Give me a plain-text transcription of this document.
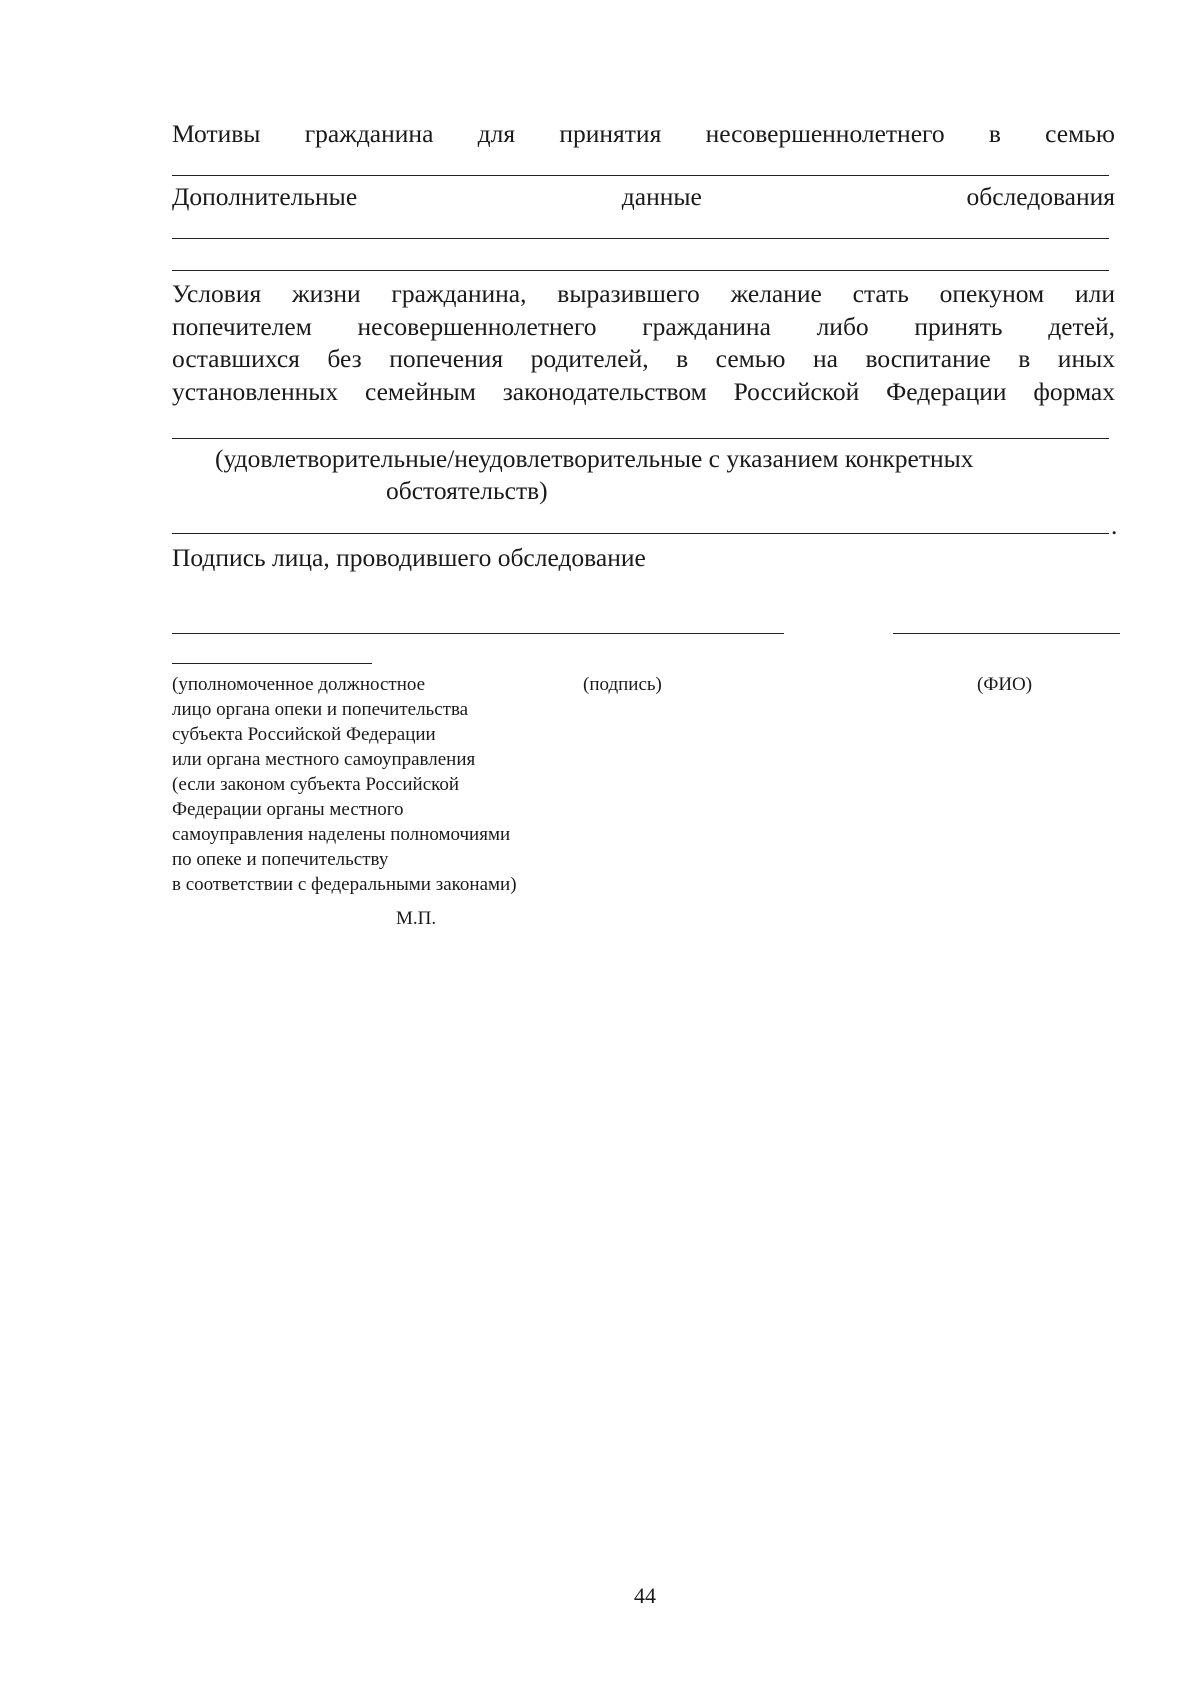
Мотивы гражданина для принятия несовершеннолетнего в семью
Дополнительные	данные	обследования
Условия жизни гражданина, выразившего желание стать опекуном или
попечителем несовершеннолетнего гражданина либо принять детей,
оставшихся без попечения родителей, в семью на воспитание в иных
установленных семейным законодательством Российской Федерации формах
(удовлетворительные/неудовлетворительные с указанием конкретных
обстоятельств)
.
Подпись лица, проводившего обследование
(подпись)	(ФИО)
(уполномоченное должностное
лицо органа опеки и попечительства
субъекта Российской Федерации
или органа местного самоуправления
(если законом субъекта Российской
Федерации органы местного
самоуправления наделены полномочиями
по опеке и попечительству
в соответствии с федеральными законами)
М.П.
44
